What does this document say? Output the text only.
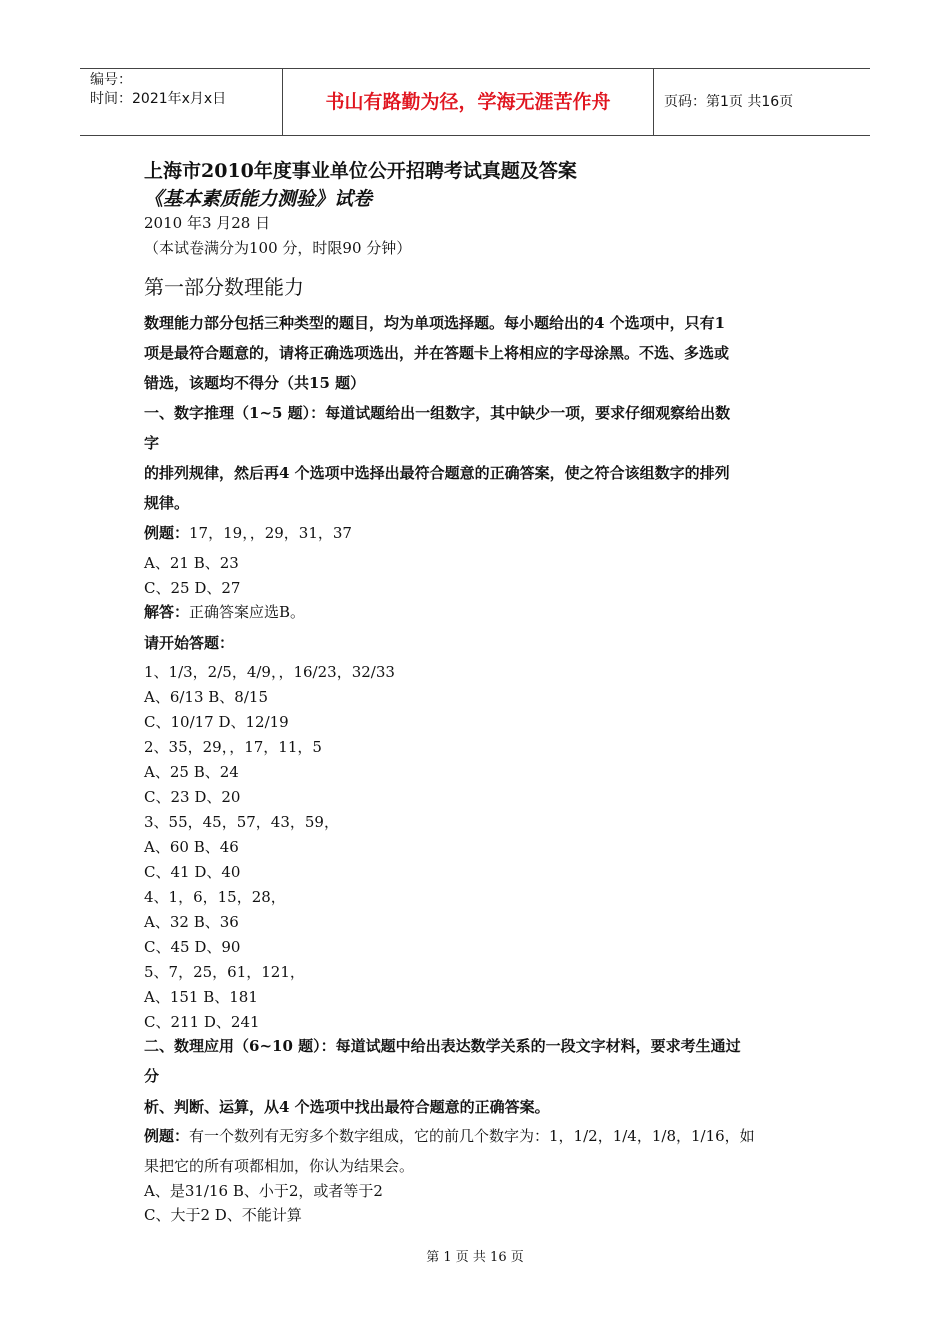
编号：
时间：2021年x月x日	书山有路勤为径，学海无涯苦作舟	页码：第1页 共16页
上海市2010年度事业单位公开招聘考试真题及答案
《基本素质能力测验》试卷
2010 年3 月28 日
（本试卷满分为100 分，时限90 分钟）
第一部分数理能力
数理能力部分包括三种类型的题目，均为单项选择题。每小题给出的4 个选项中，只有1
项是最符合题意的，请将正确选项选出，并在答题卡上将相应的字母涂黑。不选、多选或
错选，该题均不得分（共15 题）
一、数字推理（1~5 题）：每道试题给出一组数字，其中缺少一项，要求仔细观察给出数
字
的排列规律，然后再4 个选项中选择出最符合题意的正确答案，使之符合该组数字的排列
规律。
例题：17，19，，29，31，37
A、21 B、23
C、25 D、27
解答：正确答案应选B。
请开始答题：
1、1/3，2/5，4/9，，16/23，32/33
A、6/13 B、8/15
C、10/17 D、12/19
2、35，29，，17，11，5
A、25 B、24
C、23 D、20
3、55，45，57，43，59，
A、60 B、46
C、41 D、40
4、1，6，15，28，
A、32 B、36
C、45 D、90
5、7，25，61，121，
A、151 B、181
C、211 D、241
二、数理应用（6~10 题）：每道试题中给出表达数学关系的一段文字材料，要求考生通过
分
析、判断、运算，从4 个选项中找出最符合题意的正确答案。
例题：有一个数列有无穷多个数字组成，它的前几个数字为：1，1/2，1/4，1/8，1/16，如
果把它的所有项都相加，你认为结果会。
A、是31/16 B、小于2，或者等于2
C、大于2 D、不能计算
第 1 页 共 16 页
